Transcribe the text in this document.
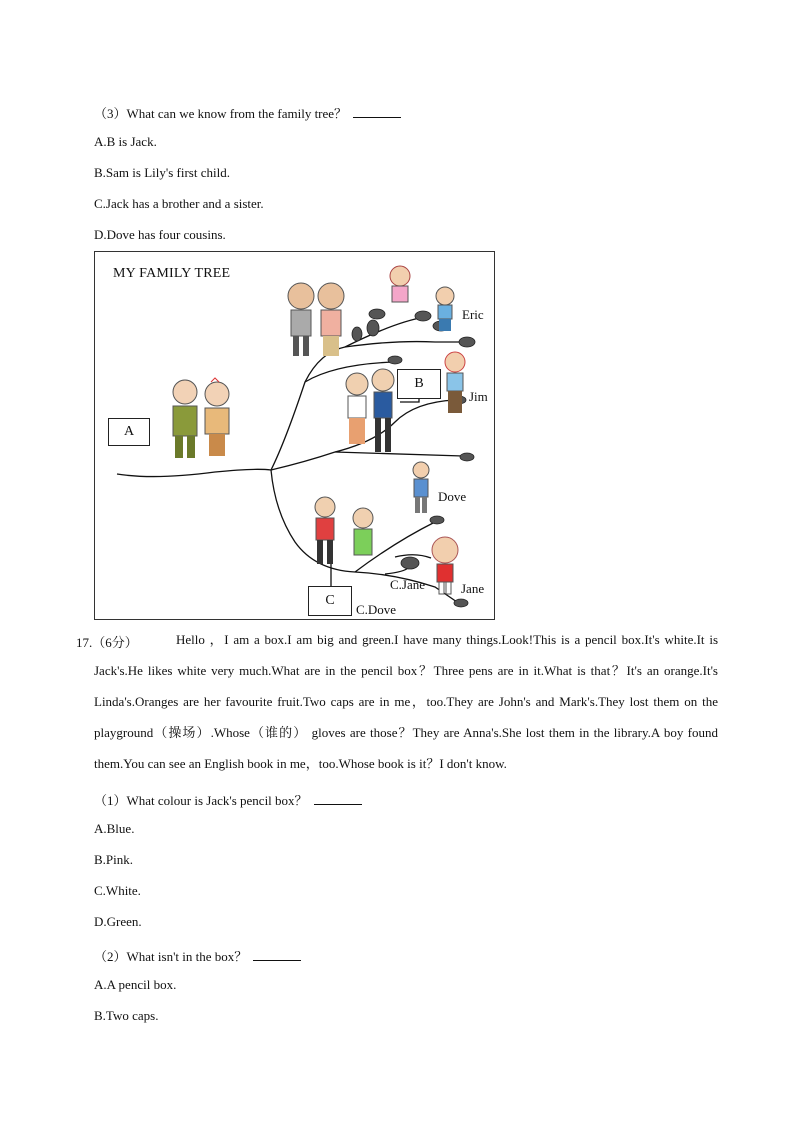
（3）What can we know from the family tree？
A.B is Jack.
B.Sam is Lily's first child.
C.Jack has a brother and a sister.
D.Dove has four cousins.
MY FAMILY TREE
A
B
C
Eric
Jim
Dove
Jane
C.Jane
C.Dove
17.（6分）	Hello ，I am a box.I am big and green.I have many things.Look!This is a pencil box.It's white.It is Jack's.He likes white very much.What are in the pencil box？Three pens are in it.What is that？It's an orange.It's Linda's.Oranges are her favourite fruit.Two caps are in me，too.They are John's and Mark's.They lost them on the playground（操场）.Whose（谁的） gloves are those？They are Anna's.She lost them in the library.A boy found them.You can see an English book in me，too.Whose book is it？I don't know.
（1）What colour is Jack's pencil box？
A.Blue.
B.Pink.
C.White.
D.Green.
（2）What isn't in the box？
A.A pencil box.
B.Two caps.
